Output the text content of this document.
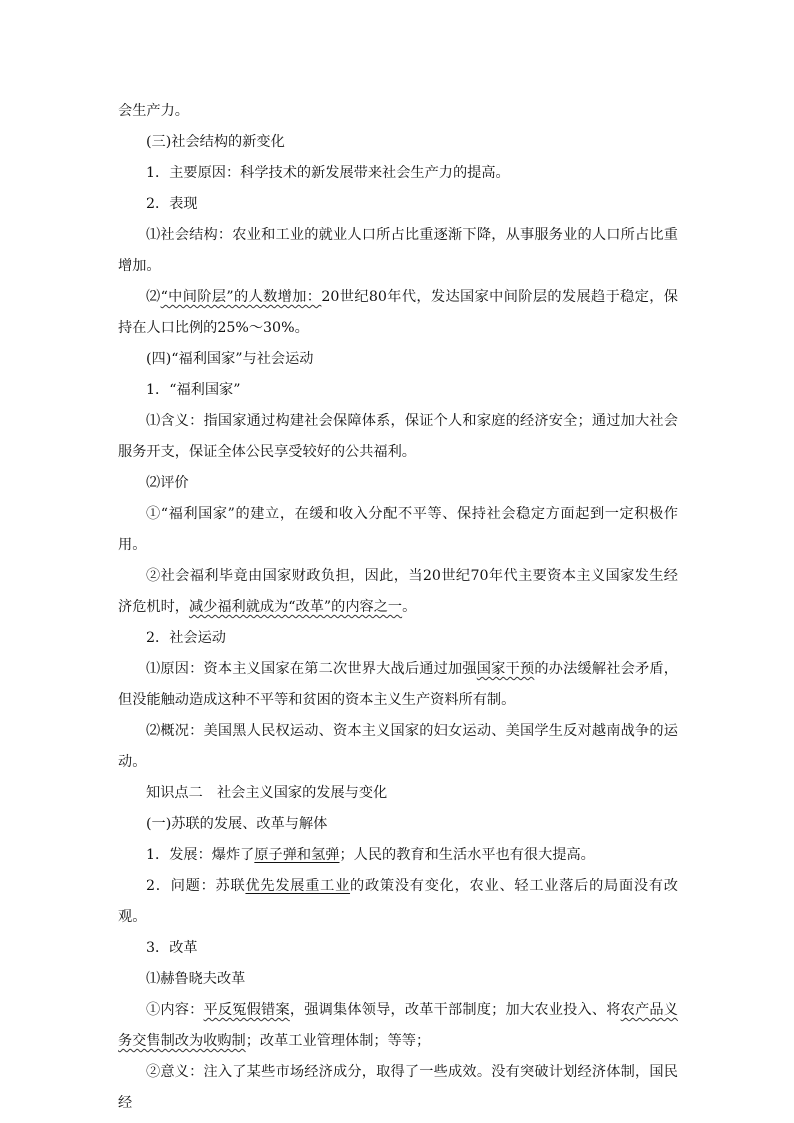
会生产力。

(三)社会结构的新变化

1．主要原因：科学技术的新发展带来社会生产力的提高。

2．表现

⑴社会结构：农业和工业的就业人口所占比重逐渐下降，从事服务业的人口所占比重增加。

⑵“中间阶层”的人数增加：20世纪80年代，发达国家中间阶层的发展趋于稳定，保持在人口比例的25%～30%。

(四)“福利国家”与社会运动

1．“福利国家”

⑴含义：指国家通过构建社会保障体系，保证个人和家庭的经济安全；通过加大社会服务开支，保证全体公民享受较好的公共福利。

⑵评价

①“福利国家”的建立，在缓和收入分配不平等、保持社会稳定方面起到一定积极作用。

②社会福利毕竟由国家财政负担，因此，当20世纪70年代主要资本主义国家发生经济危机时，减少福利就成为“改革”的内容之一。

2．社会运动

⑴原因：资本主义国家在第二次世界大战后通过加强国家干预的办法缓解社会矛盾，但没能触动造成这种不平等和贫困的资本主义生产资料所有制。

⑵概况：美国黑人民权运动、资本主义国家的妇女运动、美国学生反对越南战争的运动。

知识点二　社会主义国家的发展与变化

(一)苏联的发展、改革与解体

1．发展：爆炸了原子弹和氢弹；人民的教育和生活水平也有很大提高。

2．问题：苏联优先发展重工业的政策没有变化，农业、轻工业落后的局面没有改观。

3．改革

⑴赫鲁晓夫改革

①内容：平反冤假错案，强调集体领导，改革干部制度；加大农业投入、将农产品义务交售制改为收购制；改革工业管理体制；等等；

②意义：注入了某些市场经济成分，取得了一些成效。没有突破计划经济体制，国民经
